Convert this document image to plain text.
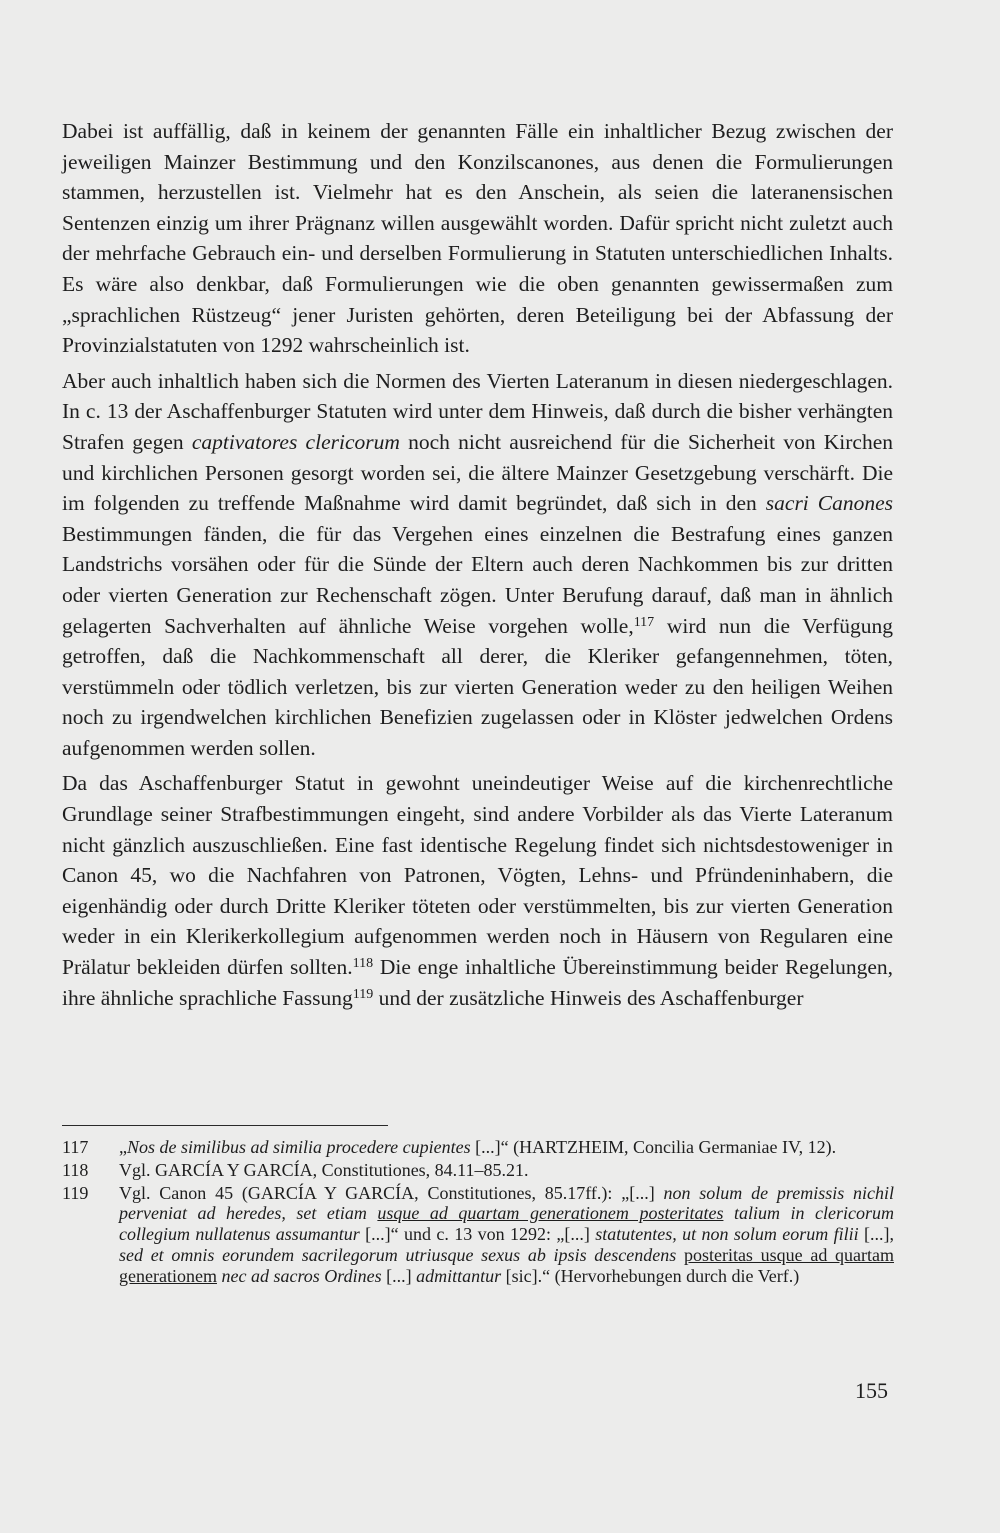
Dabei ist auffällig, daß in keinem der genannten Fälle ein inhaltlicher Bezug zwischen der jeweiligen Mainzer Bestimmung und den Konzilscanones, aus denen die Formulierungen stammen, herzustellen ist. Vielmehr hat es den Anschein, als seien die lateranensischen Sentenzen einzig um ihrer Prägnanz willen ausgewählt worden. Dafür spricht nicht zuletzt auch der mehrfache Gebrauch ein- und derselben Formulierung in Statuten unterschiedlichen Inhalts. Es wäre also denkbar, daß Formulierungen wie die oben genannten gewissermaßen zum „sprachlichen Rüstzeug“ jener Juristen gehörten, deren Beteiligung bei der Abfassung der Provinzialstatuten von 1292 wahrscheinlich ist.

Aber auch inhaltlich haben sich die Normen des Vierten Lateranum in diesen niedergeschlagen. In c. 13 der Aschaffenburger Statuten wird unter dem Hinweis, daß durch die bisher verhängten Strafen gegen captivatores clericorum noch nicht ausreichend für die Sicherheit von Kirchen und kirchlichen Personen gesorgt worden sei, die ältere Mainzer Gesetzgebung verschärft. Die im folgenden zu treffende Maßnahme wird damit begründet, daß sich in den sacri Canones Bestimmungen fänden, die für das Vergehen eines einzelnen die Bestrafung eines ganzen Landstrichs vorsähen oder für die Sünde der Eltern auch deren Nachkommen bis zur dritten oder vierten Generation zur Rechenschaft zögen. Unter Berufung darauf, daß man in ähnlich gelagerten Sachverhalten auf ähnliche Weise vorgehen wolle,$^{117}$ wird nun die Verfügung getroffen, daß die Nachkommenschaft all derer, die Kleriker gefangennehmen, töten, verstümmeln oder tödlich verletzen, bis zur vierten Generation weder zu den heiligen Weihen noch zu irgendwelchen kirchlichen Benefizien zugelassen oder in Klöster jedwelchen Ordens aufgenommen werden sollen.

Da das Aschaffenburger Statut in gewohnt uneindeutiger Weise auf die kirchenrechtliche Grundlage seiner Strafbestimmungen eingeht, sind andere Vorbilder als das Vierte Lateranum nicht gänzlich auszuschließen. Eine fast identische Regelung findet sich nichtsdestoweniger in Canon 45, wo die Nachfahren von Patronen, Vögten, Lehns- und Pfründeninhabern, die eigenhändig oder durch Dritte Kleriker töteten oder verstümmelten, bis zur vierten Generation weder in ein Klerikerkollegium aufgenommen werden noch in Häusern von Regularen eine Prälatur bekleiden dürfen sollten.$^{118}$ Die enge inhaltliche Übereinstimmung beider Regelungen, ihre ähnliche sprachliche Fassung$^{119}$ und der zusätzliche Hinweis des Aschaffenburger

117	„Nos de similibus ad similia procedere cupientes [...]“ (HARTZHEIM, Concilia Germaniae IV, 12).
118	Vgl. GARCÍA Y GARCÍA, Constitutiones, 84.11–85.21.
119	Vgl. Canon 45 (GARCÍA Y GARCÍA, Constitutiones, 85.17ff.): „[...] non solum de premissis nichil perveniat ad heredes, set etiam usque ad quartam generationem posteritates talium in clericorum collegium nullatenus assumantur [...]“ und c. 13 von 1292: „[...] statutentes, ut non solum eorum filii [...], sed et omnis eorundem sacrilegorum utriusque sexus ab ipsis descendens posteritas usque ad quartam generationem nec ad sacros Ordines [...] admittantur [sic].“ (Hervorhebungen durch die Verf.)
155
